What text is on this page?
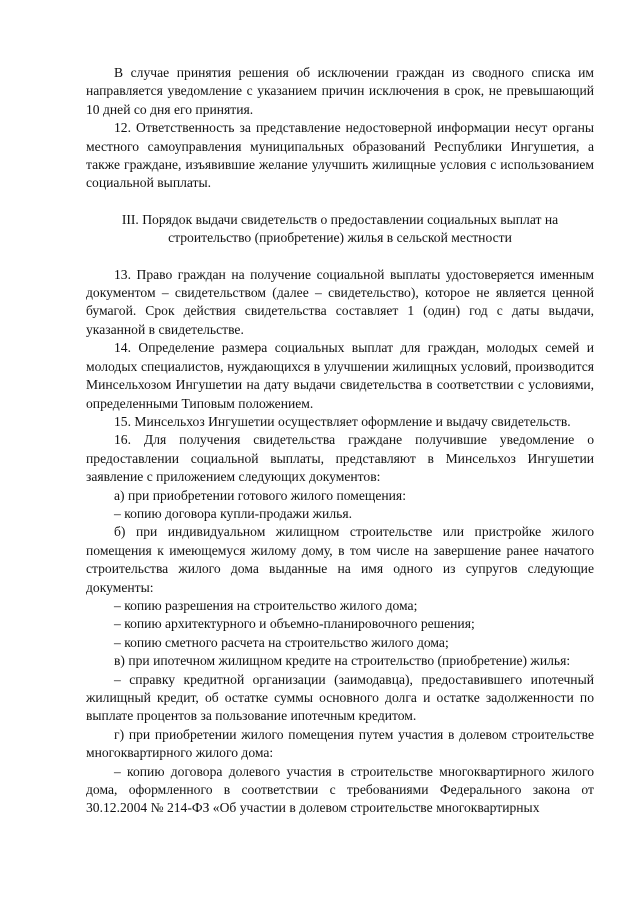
В случае принятия решения об исключении граждан из сводного списка им направляется уведомление с указанием причин исключения в срок, не превышающий 10 дней со дня его принятия.

12. Ответственность за представление недостоверной информации несут органы местного самоуправления муниципальных образований Республики Ингушетия, а также граждане, изъявившие желание улучшить жилищные условия с использованием социальной выплаты.

III. Порядок выдачи свидетельств о предоставлении социальных выплат на строительство (приобретение) жилья в сельской местности

13. Право граждан на получение социальной выплаты удостоверяется именным документом – свидетельством (далее – свидетельство), которое не является ценной бумагой. Срок действия свидетельства составляет 1 (один) год с даты выдачи, указанной в свидетельстве.

14. Определение размера социальных выплат для граждан, молодых семей и молодых специалистов, нуждающихся в улучшении жилищных условий, производится Минсельхозом Ингушетии на дату выдачи свидетельства в соответствии с условиями, определенными Типовым положением.

15. Минсельхоз Ингушетии осуществляет оформление и выдачу свидетельств.

16. Для получения свидетельства граждане получившие уведомление о предоставлении социальной выплаты, представляют в Минсельхоз Ингушетии заявление с приложением следующих документов:

а) при приобретении готового жилого помещения:

– копию договора купли-продажи жилья.

б) при индивидуальном жилищном строительстве или пристройке жилого помещения к имеющемуся жилому дому, в том числе на завершение ранее начатого строительства жилого дома выданные на имя одного из супругов следующие документы:

– копию разрешения на строительство жилого дома;

– копию архитектурного и объемно-планировочного решения;

– копию сметного расчета на строительство жилого дома;

в) при ипотечном жилищном кредите на строительство (приобретение) жилья:

– справку кредитной организации (заимодавца), предоставившего ипотечный жилищный кредит, об остатке суммы основного долга и остатке задолженности по выплате процентов за пользование ипотечным кредитом.

г) при приобретении жилого помещения путем участия в долевом строительстве многоквартирного жилого дома:

– копию договора долевого участия в строительстве многоквартирного жилого дома, оформленного в соответствии с требованиями Федерального закона от 30.12.2004 № 214-ФЗ «Об участии в долевом строительстве многоквартирных
